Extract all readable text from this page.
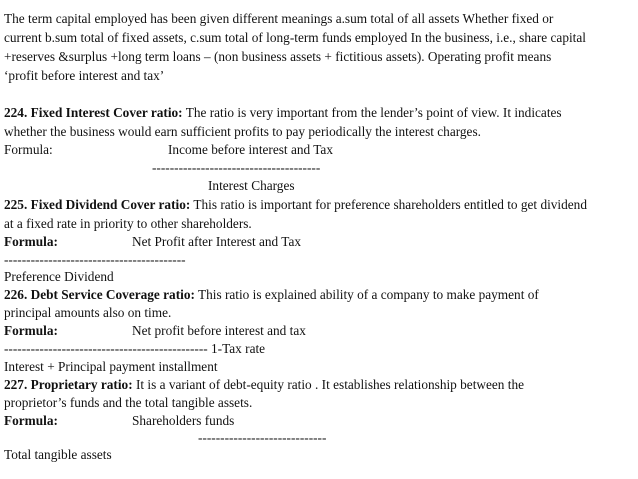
The term capital employed has been given different meanings a.sum total of all assets Whether fixed or
current b.sum total of fixed assets, c.sum total of long-term funds employed In the business, i.e., share capital
+reserves &surplus +long term loans – (non business assets + fictitious assets). Operating profit means
‘profit before interest and tax’
224. Fixed Interest Cover ratio: The ratio is very important from the lender’s point of view. It indicates
whether the business would earn sufficient profits to pay periodically the interest charges.
Formula:	Income before interest and Tax
--------------------------------------
Interest Charges
225. Fixed Dividend Cover ratio: This ratio is important for preference shareholders entitled to get dividend
at a fixed rate in priority to other shareholders.
Formula:	Net Profit after Interest and Tax
-----------------------------------------
Preference Dividend
226. Debt Service Coverage ratio: This ratio is explained ability of a company to make payment of
principal amounts also on time.
Formula:	Net profit before interest and tax
---------------------------------------------- 1-Tax rate
Interest + Principal payment installment
227. Proprietary ratio: It is a variant of debt-equity ratio . It establishes relationship between the
proprietor’s funds and the total tangible assets.
Formula:	Shareholders funds
-----------------------------
Total tangible assets
